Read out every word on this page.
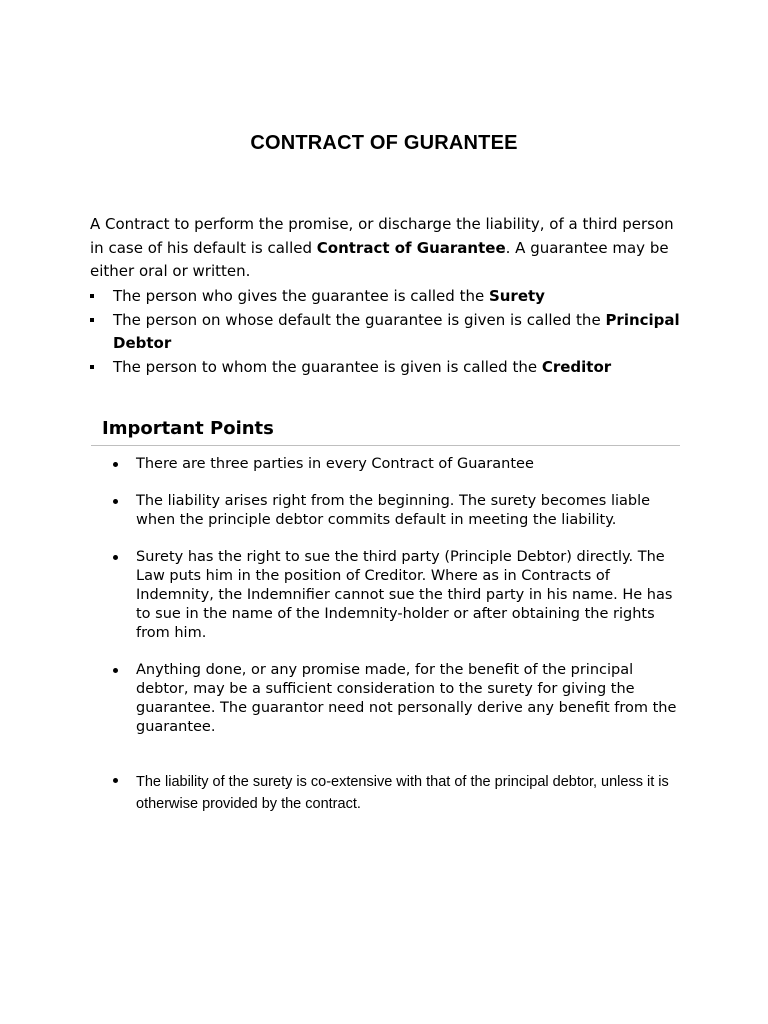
CONTRACT OF GURANTEE

A Contract to perform the promise, or discharge the liability, of a third person in case of his default is called Contract of Guarantee. A guarantee may be either oral or written.

The person who gives the guarantee is called the Surety
The person on whose default the guarantee is given is called the Principal Debtor
The person to whom the guarantee is given is called the Creditor
Important Points
There are three parties in every Contract of Guarantee
The liability arises right from the beginning. The surety becomes liable when the principle debtor commits default in meeting the liability.
Surety has the right to sue the third party (Principle Debtor) directly. The Law puts him in the position of Creditor. Where as in Contracts of Indemnity, the Indemnifier cannot sue the third party in his name. He has to sue in the name of the Indemnity-holder or after obtaining the rights from him.
Anything done, or any promise made, for the benefit of the principal debtor, may be a sufficient consideration to the surety for giving the guarantee. The guarantor need not personally derive any benefit from the guarantee.
The liability of the surety is co-extensive with that of the principal debtor, unless it is otherwise provided by the contract.
